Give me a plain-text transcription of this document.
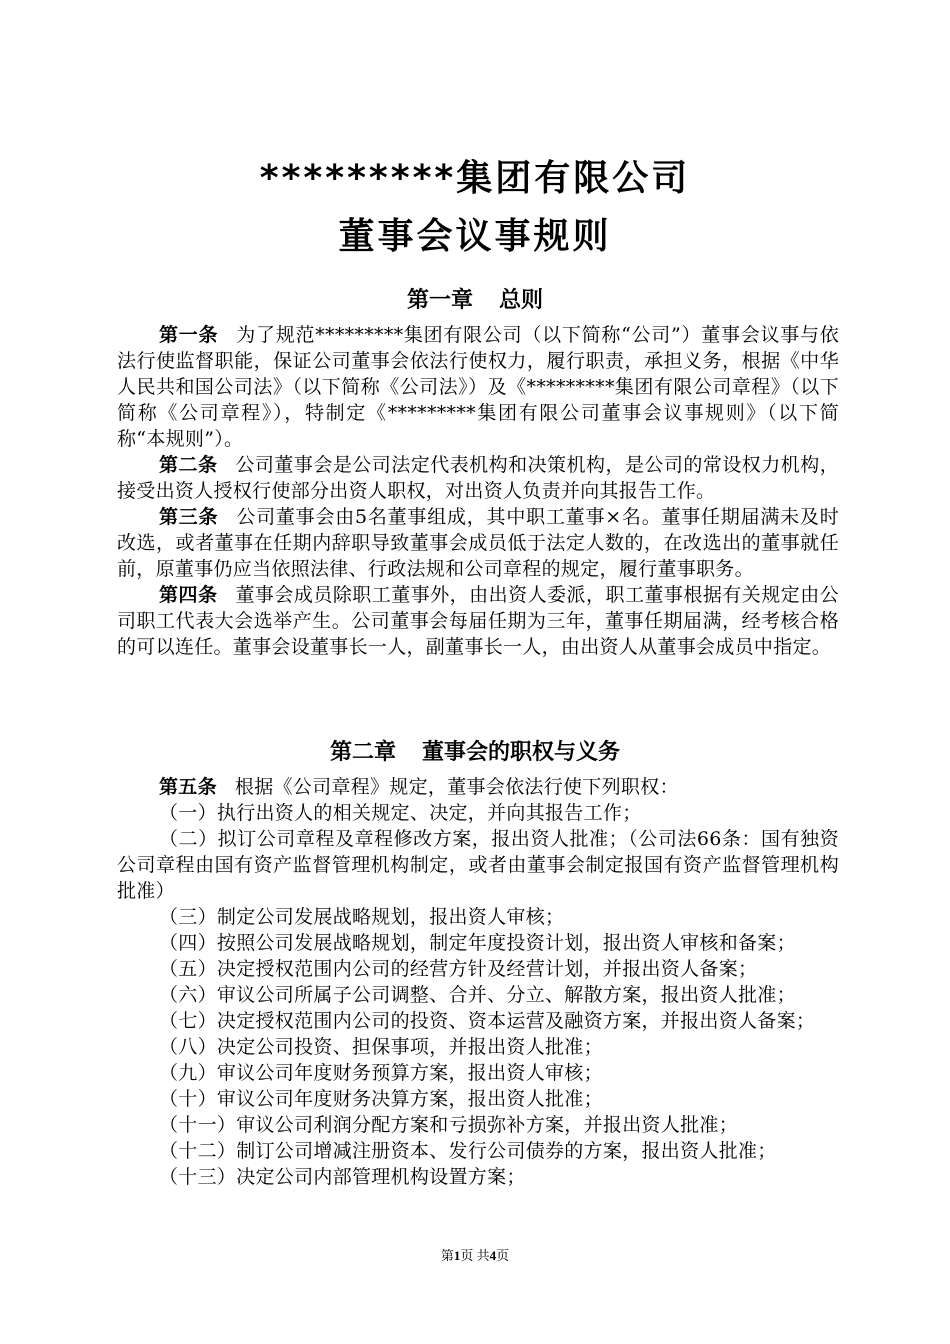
*********集团有限公司
董事会议事规则
第一章 总则

第一条 为了规范*********集团有限公司（以下简称“公司”）董事会议事与依法行使监督职能，保证公司董事会依法行使权力，履行职责，承担义务，根据《中华人民共和国公司法》（以下简称《公司法》）及《*********集团有限公司章程》（以下简称《公司章程》），特制定《*********集团有限公司董事会议事规则》（以下简称“本规则”）。

第二条 公司董事会是公司法定代表机构和决策机构，是公司的常设权力机构，接受出资人授权行使部分出资人职权，对出资人负责并向其报告工作。

第三条 公司董事会由5名董事组成，其中职工董事×名。董事任期届满未及时改选，或者董事在任期内辞职导致董事会成员低于法定人数的，在改选出的董事就任前，原董事仍应当依照法律、行政法规和公司章程的规定，履行董事职务。

第四条 董事会成员除职工董事外，由出资人委派，职工董事根据有关规定由公司职工代表大会选举产生。公司董事会每届任期为三年，董事任期届满，经考核合格的可以连任。董事会设董事长一人，副董事长一人，由出资人从董事会成员中指定。

第二章 董事会的职权与义务

第五条 根据《公司章程》规定，董事会依法行使下列职权：

（一）执行出资人的相关规定、决定，并向其报告工作；

（二）拟订公司章程及章程修改方案，报出资人批准；（公司法66条：国有独资公司章程由国有资产监督管理机构制定，或者由董事会制定报国有资产监督管理机构批准）

（三）制定公司发展战略规划，报出资人审核；

（四）按照公司发展战略规划，制定年度投资计划，报出资人审核和备案；

（五）决定授权范围内公司的经营方针及经营计划，并报出资人备案；

（六）审议公司所属子公司调整、合并、分立、解散方案，报出资人批准；

（七）决定授权范围内公司的投资、资本运营及融资方案，并报出资人备案；

（八）决定公司投资、担保事项，并报出资人批准；

（九）审议公司年度财务预算方案，报出资人审核；

（十）审议公司年度财务决算方案，报出资人批准；

（十一）审议公司利润分配方案和亏损弥补方案，并报出资人批准；

（十二）制订公司增减注册资本、发行公司债券的方案，报出资人批准；

（十三）决定公司内部管理机构设置方案；

第1页 共4页
